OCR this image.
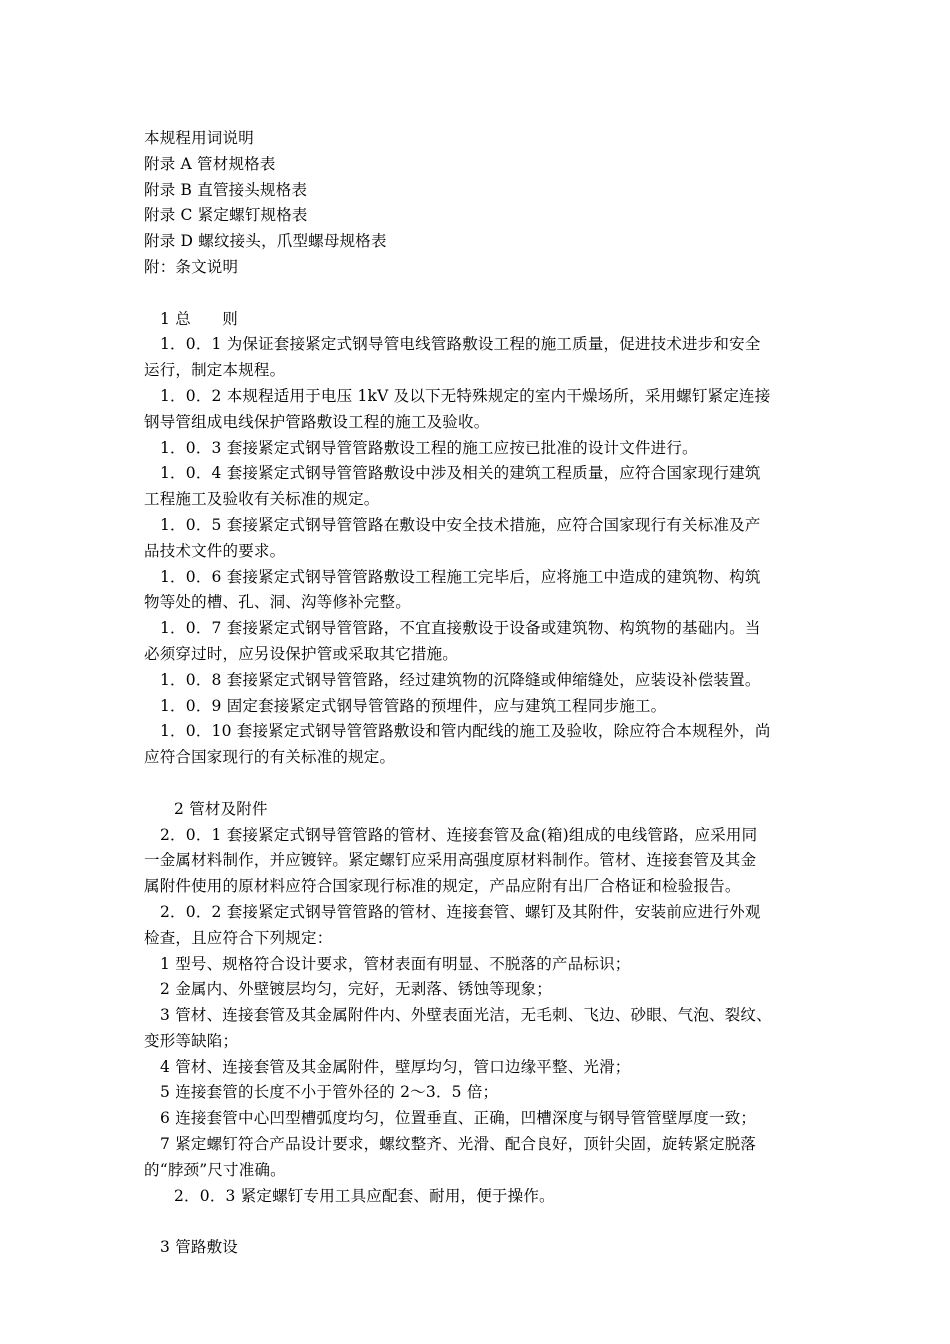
本规程用词说明
附录 A 管材规格表
附录 B 直管接头规格表
附录 C 紧定螺钉规格表
附录 D 螺纹接头，爪型螺母规格表
附：条文说明
1 总　　则
1．0．1 为保证套接紧定式钢导管电线管路敷设工程的施工质量，促进技术进步和安全
运行，制定本规程。
1．0．2 本规程适用于电压 1kV 及以下无特殊规定的室内干燥场所，采用螺钉紧定连接
钢导管组成电线保护管路敷设工程的施工及验收。
1．0．3 套接紧定式钢导管管路敷设工程的施工应按已批准的设计文件进行。
1．0．4 套接紧定式钢导管管路敷设中涉及相关的建筑工程质量，应符合国家现行建筑
工程施工及验收有关标准的规定。
1．0．5 套接紧定式钢导管管路在敷设中安全技术措施，应符合国家现行有关标准及产
品技术文件的要求。
1．0．6 套接紧定式钢导管管路敷设工程施工完毕后，应将施工中造成的建筑物、构筑
物等处的槽、孔、洞、沟等修补完整。
1．0．7 套接紧定式钢导管管路，不宜直接敷设于设备或建筑物、构筑物的基础内。当
必须穿过时，应另设保护管或采取其它措施。
1．0．8 套接紧定式钢导管管路，经过建筑物的沉降缝或伸缩缝处，应装设补偿装置。
1．0．9 固定套接紧定式钢导管管路的预埋件，应与建筑工程同步施工。
1．0．10 套接紧定式钢导管管路敷设和管内配线的施工及验收，除应符合本规程外，尚
应符合国家现行的有关标准的规定。
2 管材及附件
2．0．1 套接紧定式钢导管管路的管材、连接套管及盒(箱)组成的电线管路，应采用同
一金属材料制作，并应镀锌。紧定螺钉应采用高强度原材料制作。管材、连接套管及其金
属附件使用的原材料应符合国家现行标准的规定，产品应附有出厂合格证和检验报告。
2．0．2 套接紧定式钢导管管路的管材、连接套管、螺钉及其附件，安装前应进行外观
检查，且应符合下列规定：
1 型号、规格符合设计要求，管材表面有明显、不脱落的产品标识；
2 金属内、外壁镀层均匀，完好，无剥落、锈蚀等现象；
3 管材、连接套管及其金属附件内、外壁表面光洁，无毛刺、飞边、砂眼、气泡、裂纹、
变形等缺陷；
4 管材、连接套管及其金属附件，壁厚均匀，管口边缘平整、光滑；
5 连接套管的长度不小于管外径的 2～3．5 倍；
6 连接套管中心凹型槽弧度均匀，位置垂直、正确，凹槽深度与钢导管管壁厚度一致；
7 紧定螺钉符合产品设计要求，螺纹整齐、光滑、配合良好，顶针尖固，旋转紧定脱落
的“脖颈”尺寸准确。
2．0．3 紧定螺钉专用工具应配套、耐用，便于操作。
3 管路敷设
